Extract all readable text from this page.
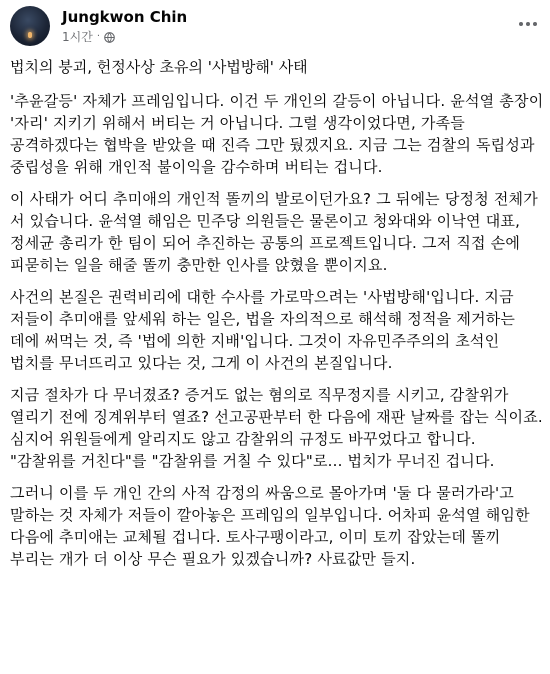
Jungkwon Chin
1시간 ·

법치의 붕괴, 헌정사상 초유의 '사법방해' 사태

'추윤갈등' 자체가 프레임입니다. 이건 두 개인의 갈등이 아닙니다. 윤석열 총장이 '자리' 지키기 위해서 버티는 거 아닙니다. 그럴 생각이었다면, 가족들 공격하겠다는 협박을 받았을 때 진즉 그만 뒀겠지요. 지금 그는 검찰의 독립성과 중립성을 위해 개인적 불이익을 감수하며 버티는 겁니다.

이 사태가 어디 추미애의 개인적 똘끼의 발로이던가요? 그 뒤에는 당정청 전체가 서 있습니다. 윤석열 해임은 민주당 의원들은 물론이고 청와대와 이낙연 대표, 정세균 총리가 한 팀이 되어 추진하는 공통의 프로젝트입니다. 그저 직접 손에 피묻히는 일을 해줄 똘끼 충만한 인사를 앉혔을 뿐이지요.

사건의 본질은 권력비리에 대한 수사를 가로막으려는 '사법방해'입니다. 지금 저들이 추미애를 앞세워 하는 일은, 법을 자의적으로 해석해 정적을 제거하는 데에 써먹는 것, 즉 '법에 의한 지배'입니다. 그것이 자유민주주의의 초석인 법치를 무너뜨리고 있다는 것, 그게 이 사건의 본질입니다.

지금 절차가 다 무너졌죠? 증거도 없는 혐의로 직무정지를 시키고, 감찰위가 열리기 전에 징계위부터 열죠? 선고공판부터 한 다음에 재판 날짜를 잡는 식이죠. 심지어 위원들에게 알리지도 않고 감찰위의 규정도 바꾸었다고 합니다. "감찰위를 거친다"를 "감찰위를 거칠 수 있다"로... 법치가 무너진 겁니다.

그러니 이를 두 개인 간의 사적 감정의 싸움으로 몰아가며 '둘 다 물러가라'고 말하는 것 자체가 저들이 깔아놓은 프레임의 일부입니다. 어차피 윤석열 해임한 다음에 추미애는 교체될 겁니다. 토사구팽이라고, 이미 토끼 잡았는데 똘끼 부리는 개가 더 이상 무슨 필요가 있겠습니까? 사료값만 들지.
